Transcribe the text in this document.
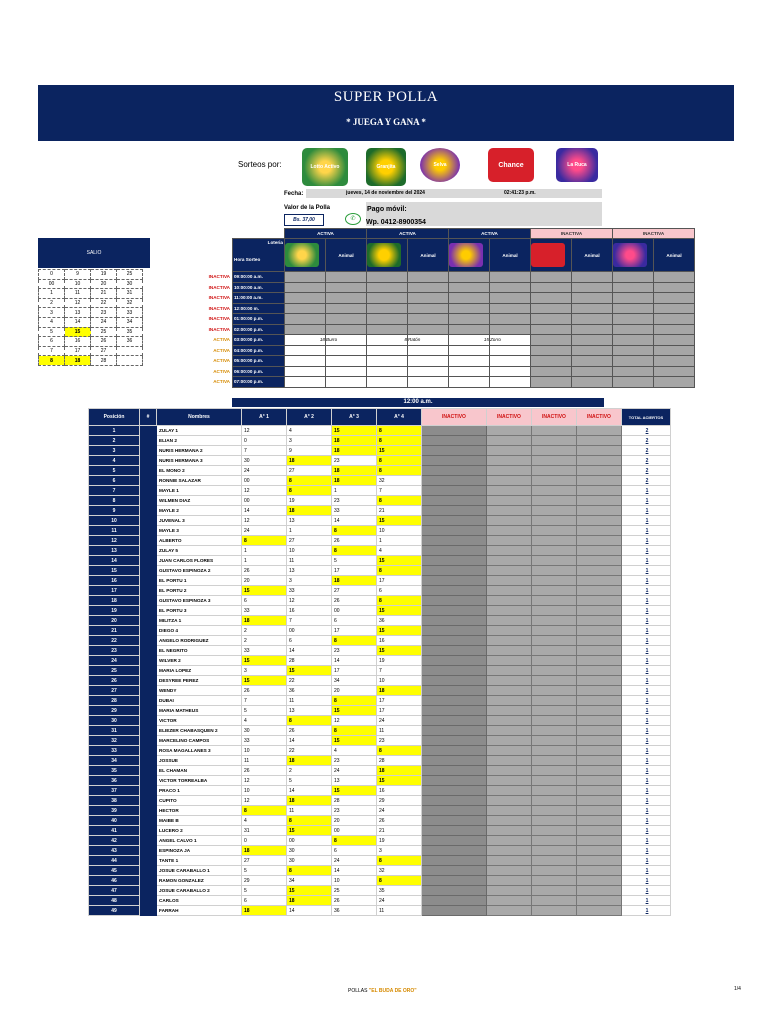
SUPER POLLA
* JUEGA Y GANA *
Sorteos por:	Lotto Activo	Granjita	Selva	Chance	La Ruca
Fecha:	jueves, 14 de noviembre del 2024	02:41:23 p.m.
Valor de la Polla
Bs. 37,00	✆
Pago móvil:
Wp. 0412-8900354
SALIO
0	9	19	25
00	10	20	30
1	11	21	31
2	12	22	32
3	13	23	33
4	14	24	34
5	15	25	35
6	16	26	36
7	17	27	
8	18	28	
		ACTIVA		ACTIVA		ACTIVA		INACTIVA		INACTIVA	

	Loteria
Hora Sorteo		Animal		Animal		Animal		Animal		Animal
INACTIVA	09:00:00 a.m.										
INACTIVA	10:00:00 a.m.										
INACTIVA	11:00:00 a.m.										
INACTIVA	12:00:00 m.										
INACTIVA	01:00:00 p.m.										
INACTIVA	02:00:00 p.m.										
ACTIVA	03:00:00 p.m.	18	Burro	8	Ratón	15	Zorro				
ACTIVA	04:00:00 p.m.										
ACTIVA	05:00:00 p.m.										
ACTIVA	06:00:00 p.m.										
ACTIVA	07:00:00 p.m.										
12:00 a.m.
Posición	#	Nombres	A° 1	A° 2	A° 3	A° 4	INACTIVO	INACTIVO	INACTIVO	INACTIVO	TOTAL ACIERTOS
1		ZULAY 1	12	4	15	8					2
2		ELIAN 2	0	3	18	8					2
3		NURIS HERMANA 2	7	9	18	15					2
4		NURIS HERMANA 3	30	18	23	8					2
5		EL MONO 2	24	27	18	8					2
6		RONNIE SALAZAR	00	8	18	32					2
7		MAYLE 1	12	8	1	7					1
8		WILMEN DIAZ	00	19	23	8					1
9		MAYLE 2	14	18	33	21					1
10		JUVENAL 3	12	13	14	15					1
11		MAYLE 3	24	1	8	10					1
12		ALBERTO	8	27	26	1					1
13		ZULAY 5	1	10	8	4					1
14		JUAN CARLOS FLORES	1	11	5	15					1
15		GUSTAVO ESPINOZA 2	26	13	17	8					1
16		EL PORTU 1	20	3	18	17					1
17		EL PORTU 2	15	33	27	6					1
18		GUSTAVO ESPINOZA 3	6	12	26	8					1
19		EL PORTU 3	33	16	00	15					1
20		MILITZA 1	18	7	6	36					1
21		DIEGO 4	2	00	17	15					1
22		ANGELO RODRIGUEZ	2	6	8	16					1
23		EL NEGRITO	33	14	23	15					1
24		WILVER 2	15	28	14	19					1
25		MARIA LOPEZ	3	15	17	7					1
26		DESYREE PEREZ	15	22	34	10					1
27		WENDY	26	36	20	18					1
28		DUBAI	7	11	8	17					1
29		MARIA MATHEUS	5	13	15	17					1
30		VICTOR	4	8	12	24					1
31		ELIEZER CHABASQUEN 2	30	26	8	11					1
32		MARCELINO CAMPOS	33	14	15	23					1
33		ROSA MAGALLANES 3	10	22	4	8					1
34		JOSSUE	11	18	23	28					1
35		EL CHAMAN	26	2	24	18					1
36		VICTOR TORREALBA	12	5	13	15					1
37		PRACO 1	10	14	15	16					1
38		CUPITO	12	18	28	29					1
39		HECTOR	8	11	23	24					1
40		MAIBE B	4	8	20	26					1
41		LUCERO 2	31	15	00	21					1
42		ANGEL CALVO 1	0	00	8	19					1
43		ESPINOZA JA	18	30	6	3					1
44		TANTE 1	27	30	24	8					1
45		JOSUE CARABALLO 1	5	8	14	32					1
46		RAMON GONZALEZ	29	34	10	8					1
47		JOSUE CARABALLO 2	5	15	25	35					1
48		CARLOS	6	18	26	24					1
49		FARRAH	18	14	36	11					1
POLLAS "EL BUDA DE ORO"	1/4
